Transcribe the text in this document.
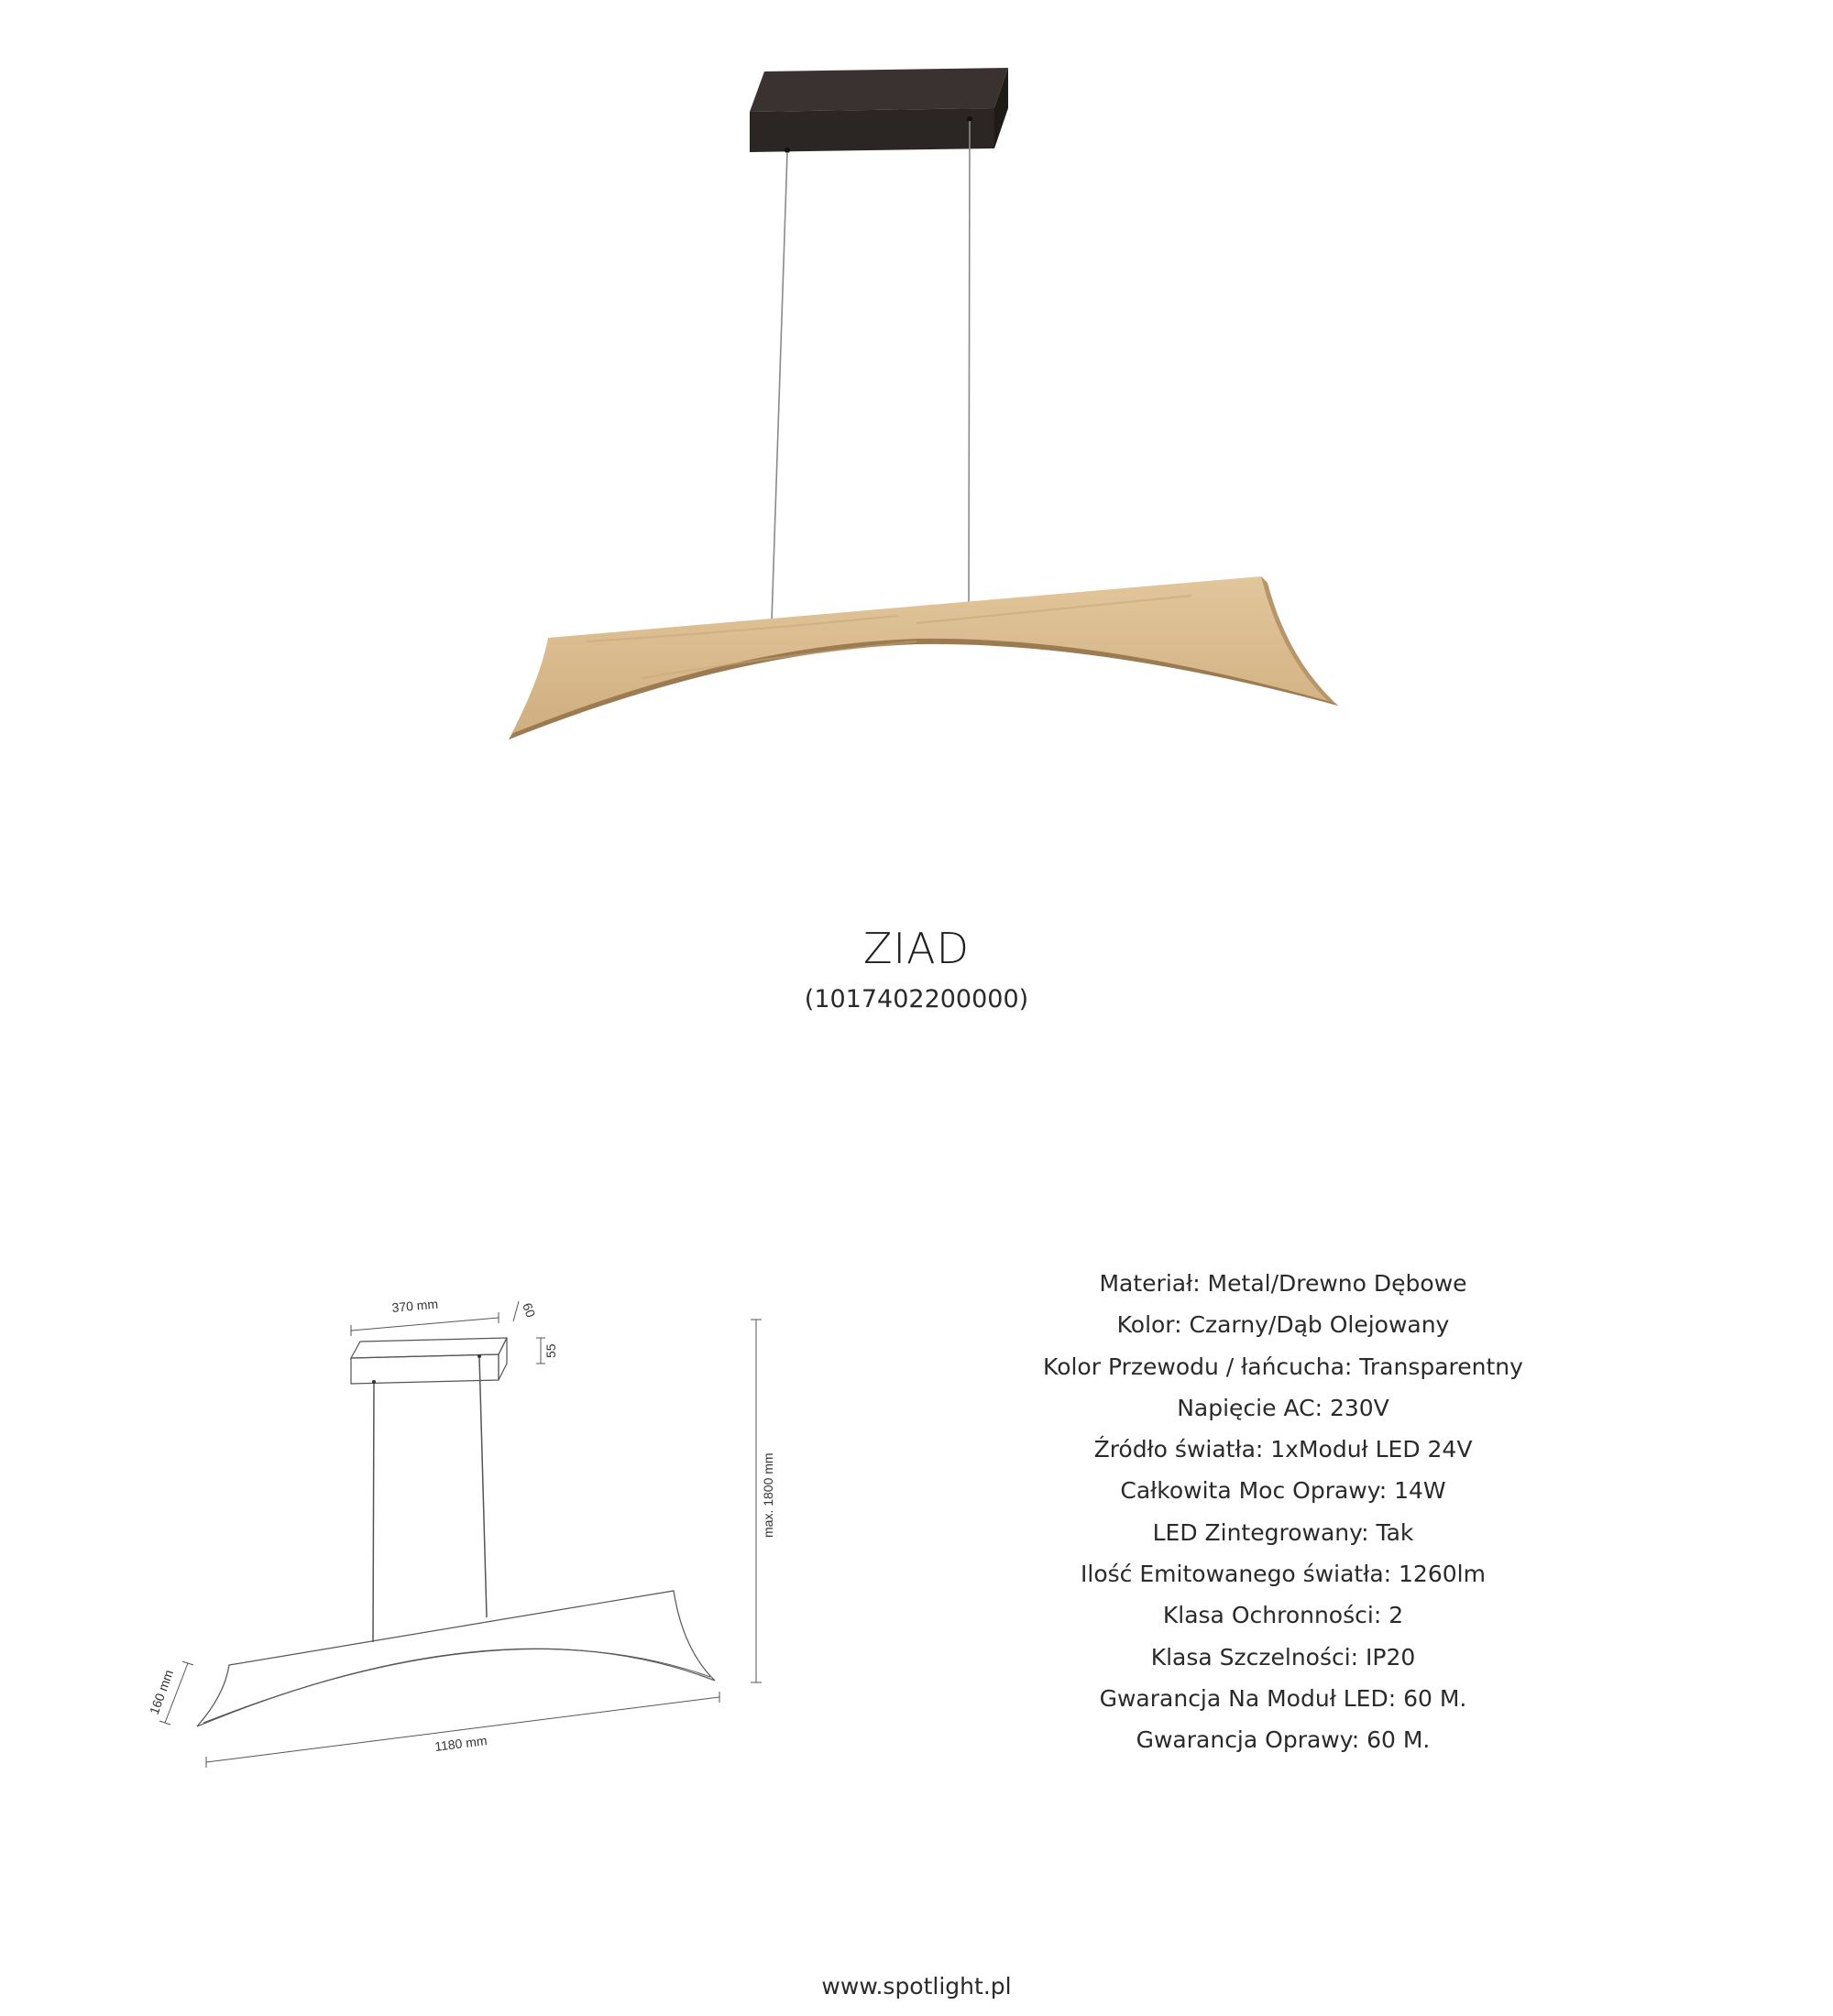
ZIAD
(1017402200000)
370 mm	60
55
max. 1800 mm
160 mm
1180 mm
Materiał: Metal/Drewno Dębowe
Kolor: Czarny/Dąb Olejowany
Kolor Przewodu / łańcucha: Transparentny
Napięcie AC: 230V
Źródło światła: 1xModuł LED 24V
Całkowita Moc Oprawy: 14W
LED Zintegrowany: Tak
Ilość Emitowanego światła: 1260lm
Klasa Ochronności: 2
Klasa Szczelności: IP20
Gwarancja Na Moduł LED: 60 M.
Gwarancja Oprawy: 60 M.
www.spotlight.pl
